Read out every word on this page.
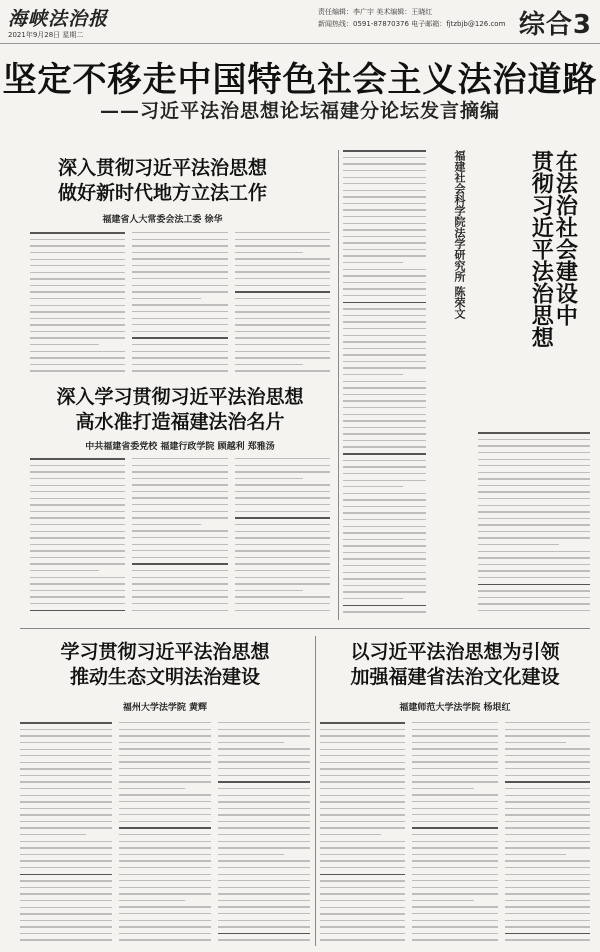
海峡法治报
2021年9月28日 星期二
责任编辑：李广宇 美术编辑：王晓红
新闻热线：0591-87870376 电子邮箱：fjtzbjb@126.com 综合3
坚定不移走中国特色社会主义法治道路
——习近平法治思想论坛福建分论坛发言摘编
深入贯彻习近平法治思想
做好新时代地方立法工作
福建省人大常委会法工委 徐华	在法治社会建设中
贯彻习近平法治思想
福建社会科学院法学研究所 陈荣文
深入学习贯彻习近平法治思想
高水准打造福建法治名片
中共福建省委党校 福建行政学院 顾越利 郑雅汤
学习贯彻习近平法治思想
推动生态文明法治建设
福州大学法学院 黄辉
以习近平法治思想为引领
加强福建省法治文化建设
福建师范大学法学院 杨垠红
